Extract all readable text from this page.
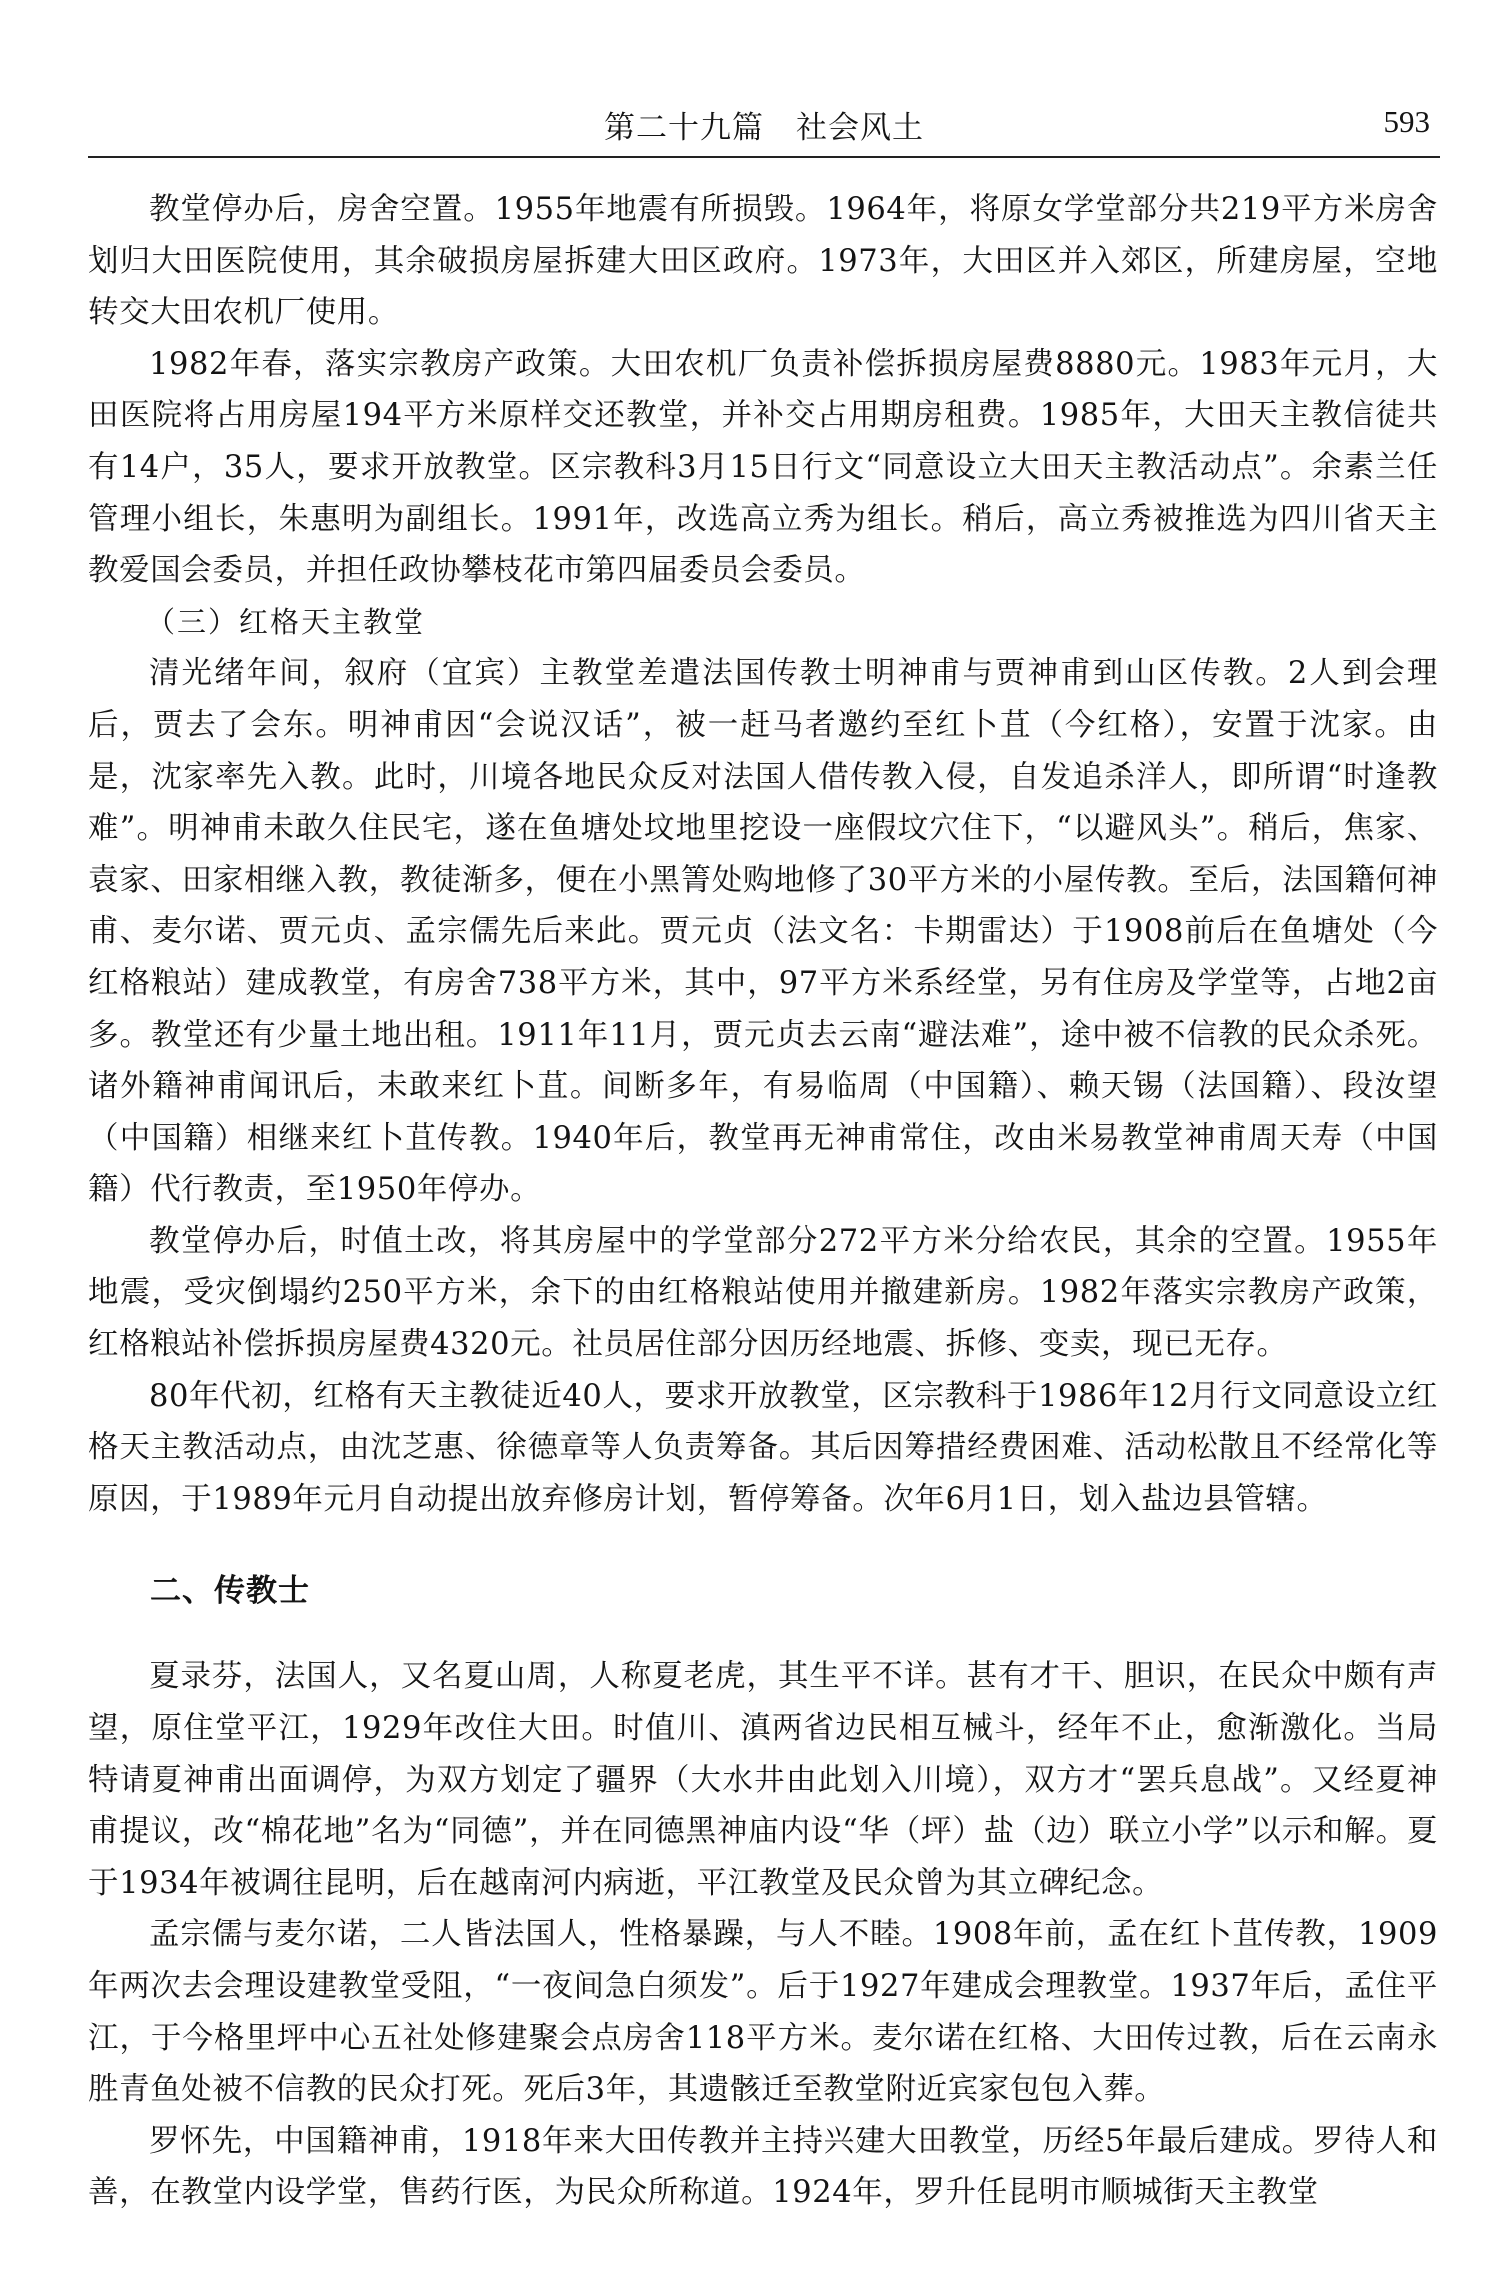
第二十九篇　社会风土	593

教堂停办后，房舍空置。1955年地震有所损毁。1964年，将原女学堂部分共219平方米房舍划归大田医院使用，其余破损房屋拆建大田区政府。1973年，大田区并入郊区，所建房屋，空地转交大田农机厂使用。

1982年春，落实宗教房产政策。大田农机厂负责补偿拆损房屋费8880元。1983年元月，大田医院将占用房屋194平方米原样交还教堂，并补交占用期房租费。1985年，大田天主教信徒共有14户，35人，要求开放教堂。区宗教科3月15日行文“同意设立大田天主教活动点”。余素兰任管理小组长，朱惠明为副组长。1991年，改选高立秀为组长。稍后，高立秀被推选为四川省天主教爱国会委员，并担任政协攀枝花市第四届委员会委员。

（三）红格天主教堂

清光绪年间，叙府（宜宾）主教堂差遣法国传教士明神甫与贾神甫到山区传教。2人到会理后，贾去了会东。明神甫因“会说汉话”，被一赶马者邀约至红卜苴（今红格），安置于沈家。由是，沈家率先入教。此时，川境各地民众反对法国人借传教入侵，自发追杀洋人，即所谓“时逢教难”。明神甫未敢久住民宅，遂在鱼塘处坟地里挖设一座假坟穴住下，“以避风头”。稍后，焦家、袁家、田家相继入教，教徒渐多，便在小黑箐处购地修了30平方米的小屋传教。至后，法国籍何神甫、麦尔诺、贾元贞、孟宗儒先后来此。贾元贞（法文名：卡期雷达）于1908前后在鱼塘处（今红格粮站）建成教堂，有房舍738平方米，其中，97平方米系经堂，另有住房及学堂等，占地2亩多。教堂还有少量土地出租。1911年11月，贾元贞去云南“避法难”，途中被不信教的民众杀死。诸外籍神甫闻讯后，未敢来红卜苴。间断多年，有易临周（中国籍）、赖天锡（法国籍）、段汝望（中国籍）相继来红卜苴传教。1940年后，教堂再无神甫常住，改由米易教堂神甫周天寿（中国籍）代行教责，至1950年停办。

教堂停办后，时值土改，将其房屋中的学堂部分272平方米分给农民，其余的空置。1955年地震，受灾倒塌约250平方米，余下的由红格粮站使用并撤建新房。1982年落实宗教房产政策，红格粮站补偿拆损房屋费4320元。社员居住部分因历经地震、拆修、变卖，现已无存。

80年代初，红格有天主教徒近40人，要求开放教堂，区宗教科于1986年12月行文同意设立红格天主教活动点，由沈芝惠、徐德章等人负责筹备。其后因筹措经费困难、活动松散且不经常化等原因，于1989年元月自动提出放弃修房计划，暂停筹备。次年6月1日，划入盐边县管辖。

二、传教士

夏录芬，法国人，又名夏山周，人称夏老虎，其生平不详。甚有才干、胆识，在民众中颇有声望，原住堂平江，1929年改住大田。时值川、滇两省边民相互械斗，经年不止，愈渐激化。当局特请夏神甫出面调停，为双方划定了疆界（大水井由此划入川境），双方才“罢兵息战”。又经夏神甫提议，改“棉花地”名为“同德”，并在同德黑神庙内设“华（坪）盐（边）联立小学”以示和解。夏于1934年被调往昆明，后在越南河内病逝，平江教堂及民众曾为其立碑纪念。

孟宗儒与麦尔诺，二人皆法国人，性格暴躁，与人不睦。1908年前，孟在红卜苴传教，1909年两次去会理设建教堂受阻，“一夜间急白须发”。后于1927年建成会理教堂。1937年后，孟住平江，于今格里坪中心五社处修建聚会点房舍118平方米。麦尔诺在红格、大田传过教，后在云南永胜青鱼处被不信教的民众打死。死后3年，其遗骸迁至教堂附近宾家包包入葬。

罗怀先，中国籍神甫，1918年来大田传教并主持兴建大田教堂，历经5年最后建成。罗待人和善，在教堂内设学堂，售药行医，为民众所称道。1924年，罗升任昆明市顺城街天主教堂
